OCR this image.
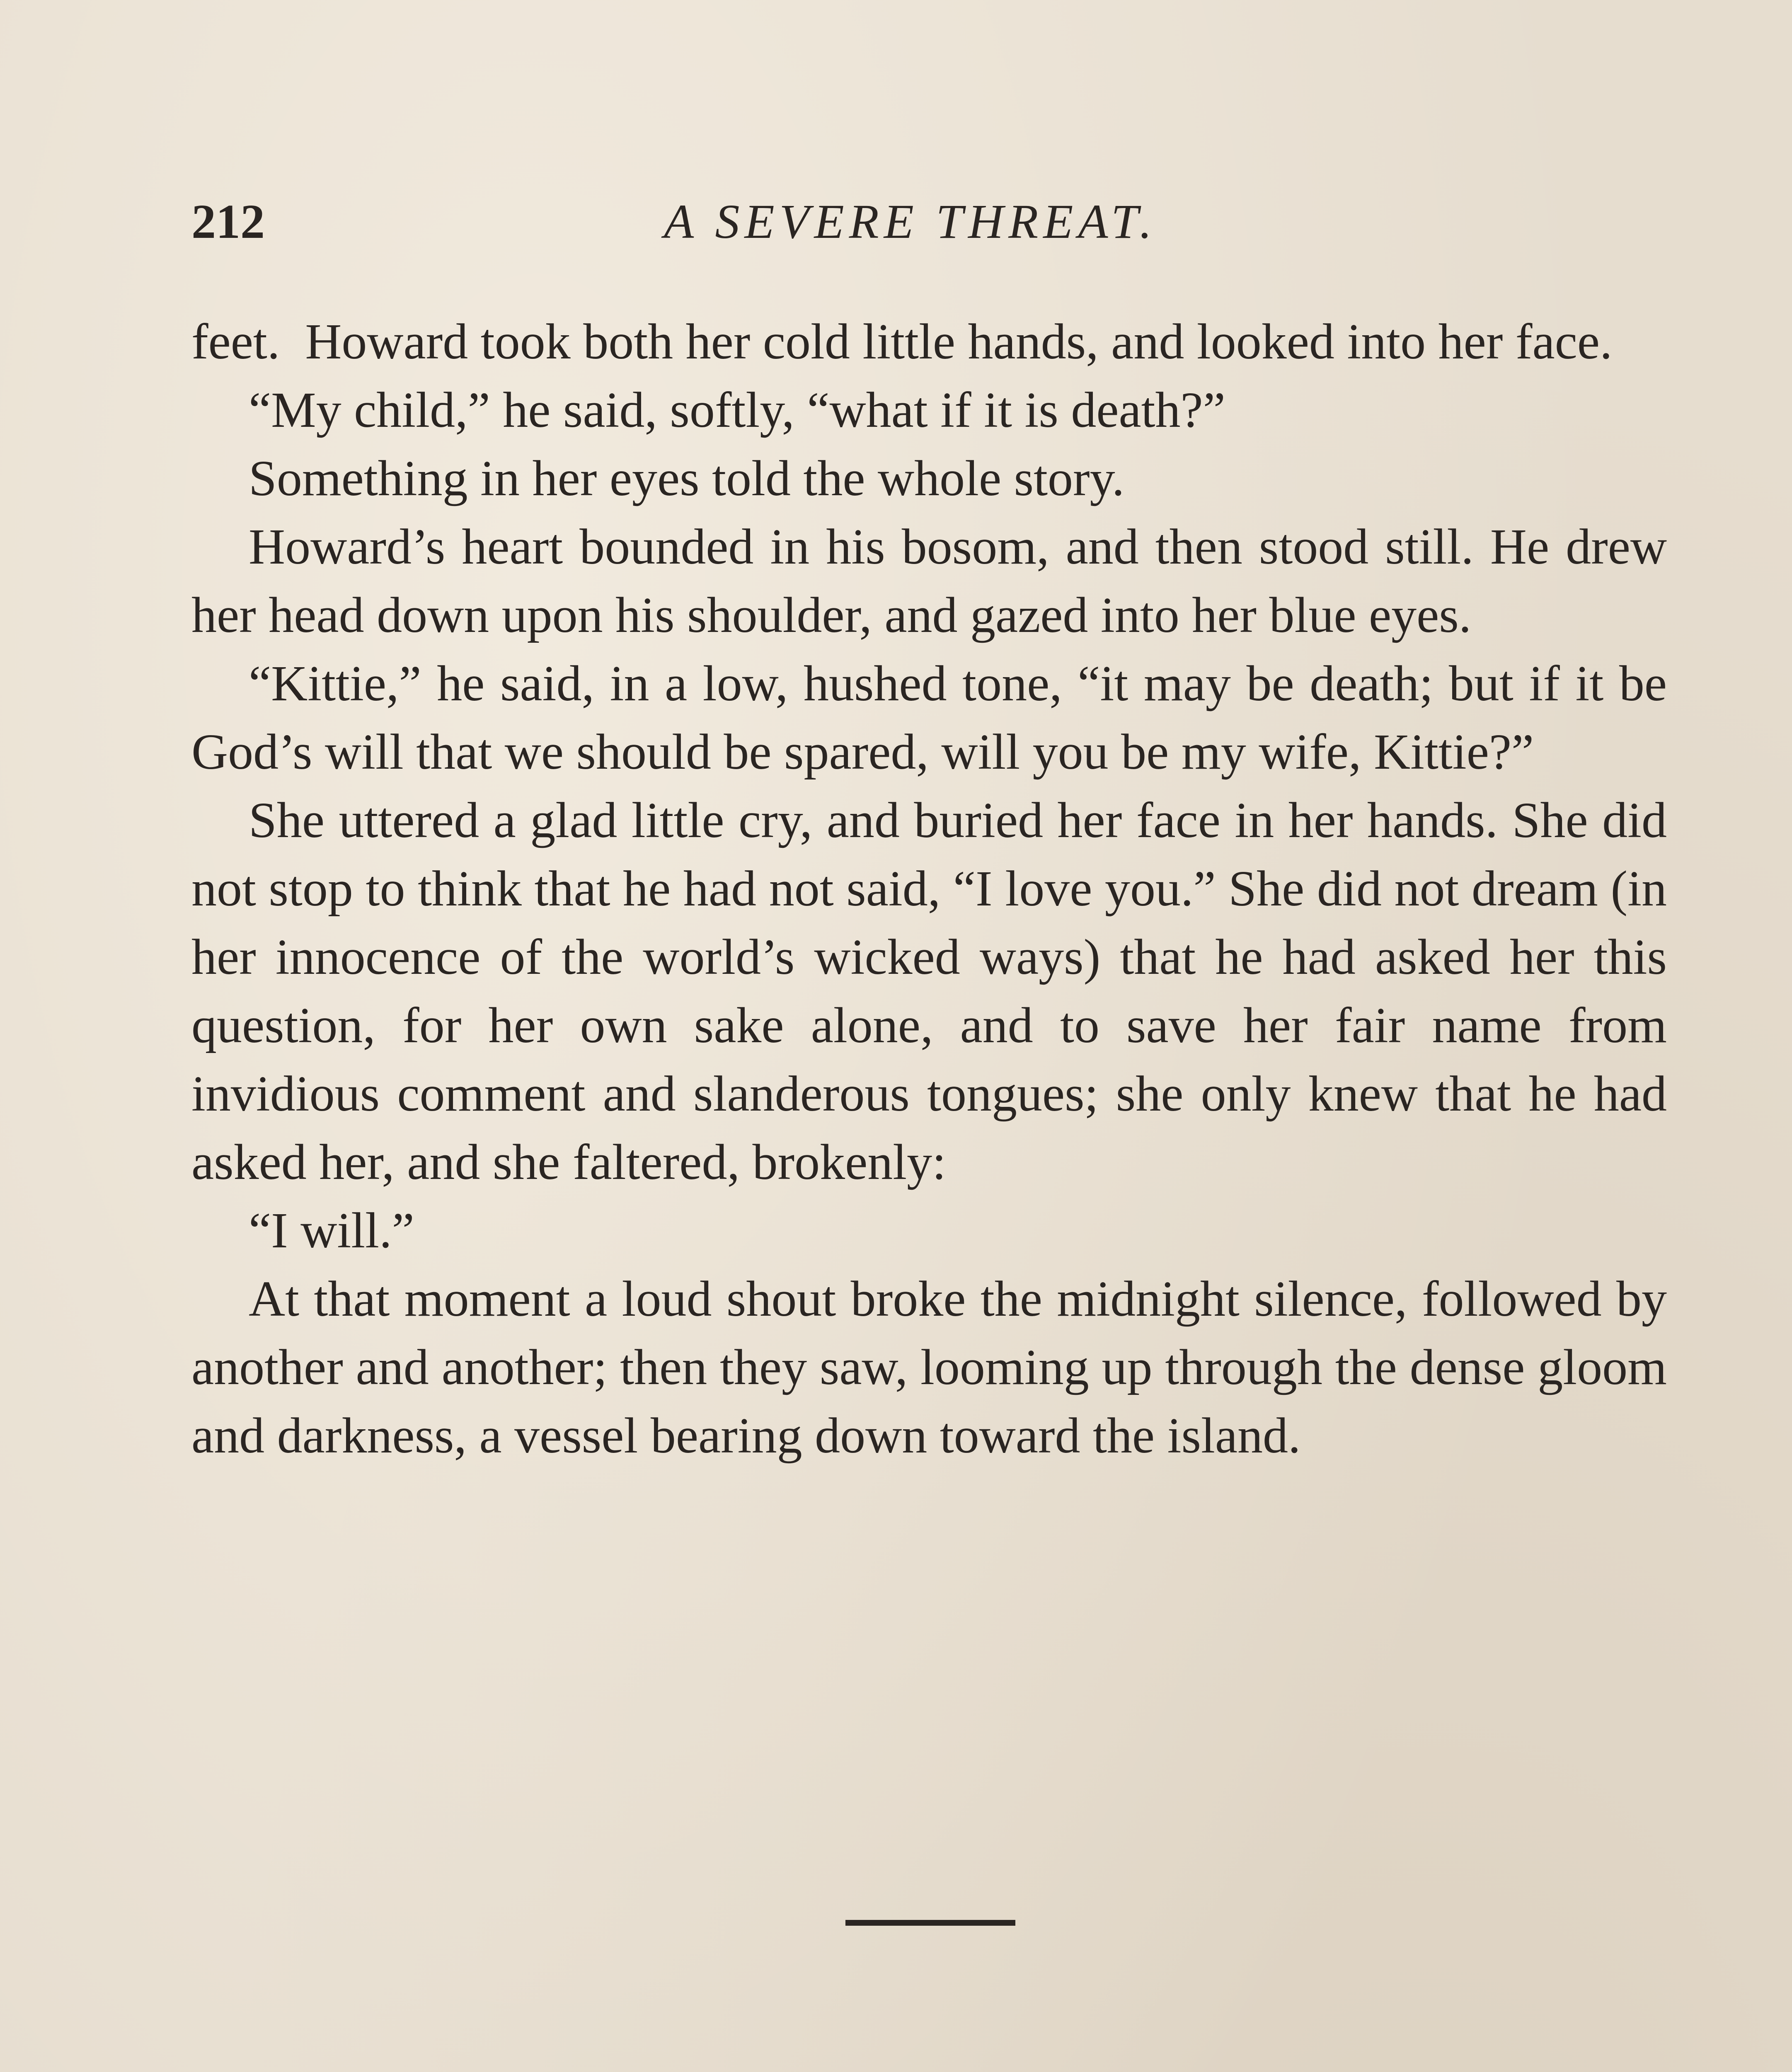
212	A SEVERE THREAT.

feet.  Howard took both her cold little hands, and looked into her face.

“My child,” he said, softly, “what if it is death?”

Something in her eyes told the whole story.

Howard’s heart bounded in his bosom, and then stood still. He drew her head down upon his shoulder, and gazed into her blue eyes.

“Kittie,” he said, in a low, hushed tone, “it may be death; but if it be God’s will that we should be spared, will you be my wife, Kittie?”

She uttered a glad little cry, and buried her face in her hands. She did not stop to think that he had not said, “I love you.” She did not dream (in her innocence of the world’s wicked ways) that he had asked her this question, for her own sake alone, and to save her fair name from invidious comment and slanderous tongues; she only knew that he had asked her, and she faltered, brokenly:

“I will.”

At that moment a loud shout broke the midnight silence, followed by another and another; then they saw, looming up through the dense gloom and darkness, a vessel bearing down toward the island.
